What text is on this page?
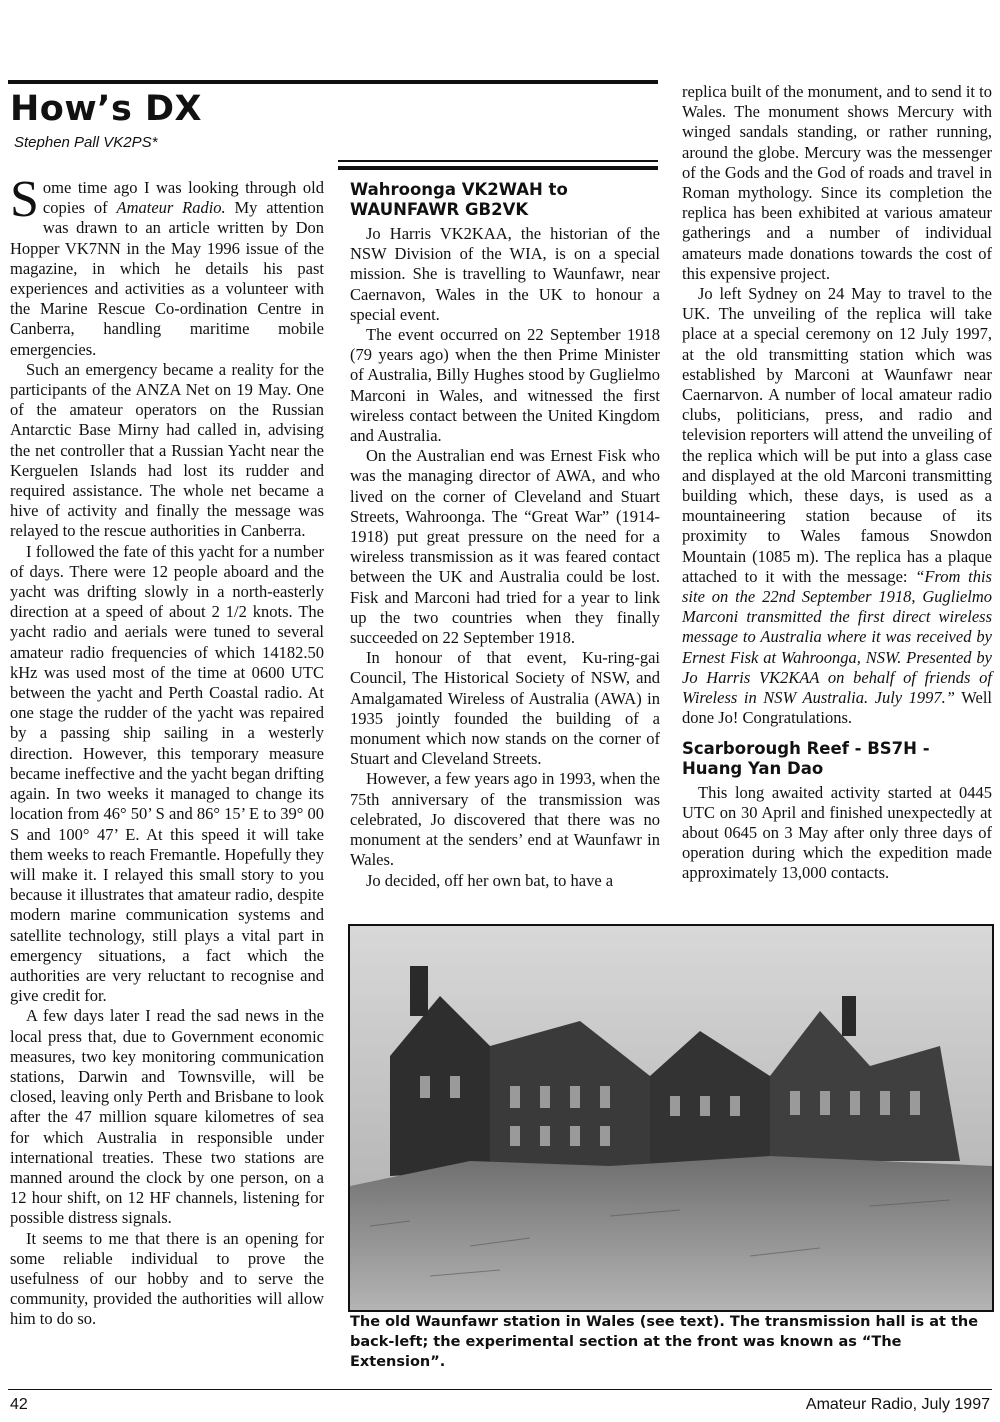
How’s DX
Stephen Pall VK2PS*

Some time ago I was looking through old copies of Amateur Radio. My attention was drawn to an article written by Don Hopper VK7NN in the May 1996 issue of the magazine, in which he details his past experiences and activities as a volunteer with the Marine Rescue Co-ordination Centre in Canberra, handling maritime mobile emergencies.

Such an emergency became a reality for the participants of the ANZA Net on 19 May. One of the amateur operators on the Russian Antarctic Base Mirny had called in, advising the net controller that a Russian Yacht near the Kerguelen Islands had lost its rudder and required assistance. The whole net became a hive of activity and finally the message was relayed to the rescue authorities in Canberra.

I followed the fate of this yacht for a number of days. There were 12 people aboard and the yacht was drifting slowly in a north-easterly direction at a speed of about 2 1/2 knots. The yacht radio and aerials were tuned to several amateur radio frequencies of which 14182.50 kHz was used most of the time at 0600 UTC between the yacht and Perth Coastal radio. At one stage the rudder of the yacht was repaired by a passing ship sailing in a westerly direction. However, this temporary measure became ineffective and the yacht began drifting again. In two weeks it managed to change its location from 46° 50’ S and 86° 15’ E to 39° 00 S and 100° 47’ E. At this speed it will take them weeks to reach Fremantle. Hopefully they will make it. I relayed this small story to you because it illustrates that amateur radio, despite modern marine communication systems and satellite technology, still plays a vital part in emergency situations, a fact which the authorities are very reluctant to recognise and give credit for.

A few days later I read the sad news in the local press that, due to Government economic measures, two key monitoring communication stations, Darwin and Townsville, will be closed, leaving only Perth and Brisbane to look after the 47 million square kilometres of sea for which Australia in responsible under international treaties. These two stations are manned around the clock by one person, on a 12 hour shift, on 12 HF channels, listening for possible distress signals.

It seems to me that there is an opening for some reliable individual to prove the usefulness of our hobby and to serve the community, provided the authorities will allow him to do so.

Wahroonga VK2WAH to WAUNFAWR GB2VK

Jo Harris VK2KAA, the historian of the NSW Division of the WIA, is on a special mission. She is travelling to Waunfawr, near Caernavon, Wales in the UK to honour a special event.

The event occurred on 22 September 1918 (79 years ago) when the then Prime Minister of Australia, Billy Hughes stood by Guglielmo Marconi in Wales, and witnessed the first wireless contact between the United Kingdom and Australia.

On the Australian end was Ernest Fisk who was the managing director of AWA, and who lived on the corner of Cleveland and Stuart Streets, Wahroonga. The “Great War” (1914-1918) put great pressure on the need for a wireless transmission as it was feared contact between the UK and Australia could be lost. Fisk and Marconi had tried for a year to link up the two countries when they finally succeeded on 22 September 1918.

In honour of that event, Ku-ring-gai Council, The Historical Society of NSW, and Amalgamated Wireless of Australia (AWA) in 1935 jointly founded the building of a monument which now stands on the corner of Stuart and Cleveland Streets.

However, a few years ago in 1993, when the 75th anniversary of the transmission was celebrated, Jo discovered that there was no monument at the senders’ end at Waunfawr in Wales.

Jo decided, off her own bat, to have a

replica built of the monument, and to send it to Wales. The monument shows Mercury with winged sandals standing, or rather running, around the globe. Mercury was the messenger of the Gods and the God of roads and travel in Roman mythology. Since its completion the replica has been exhibited at various amateur gatherings and a number of individual amateurs made donations towards the cost of this expensive project.

Jo left Sydney on 24 May to travel to the UK. The unveiling of the replica will take place at a special ceremony on 12 July 1997, at the old transmitting station which was established by Marconi at Waunfawr near Caernarvon. A number of local amateur radio clubs, politicians, press, and radio and television reporters will attend the unveiling of the replica which will be put into a glass case and displayed at the old Marconi transmitting building which, these days, is used as a mountaineering station because of its proximity to Wales famous Snowdon Mountain (1085 m). The replica has a plaque attached to it with the message: “From this site on the 22nd September 1918, Guglielmo Marconi transmitted the first direct wireless message to Australia where it was received by Ernest Fisk at Wahroonga, NSW. Presented by Jo Harris VK2KAA on behalf of friends of Wireless in NSW Australia. July 1997.” Well done Jo! Congratulations.

Scarborough Reef - BS7H - Huang Yan Dao

This long awaited activity started at 0445 UTC on 30 April and finished unexpectedly at about 0645 on 3 May after only three days of operation during which the expedition made approximately 13,000 contacts.

The old Waunfawr station in Wales (see text). The transmission hall is at the back-left; the experimental section at the front was known as “The Extension”.
42	Amateur Radio, July 1997
